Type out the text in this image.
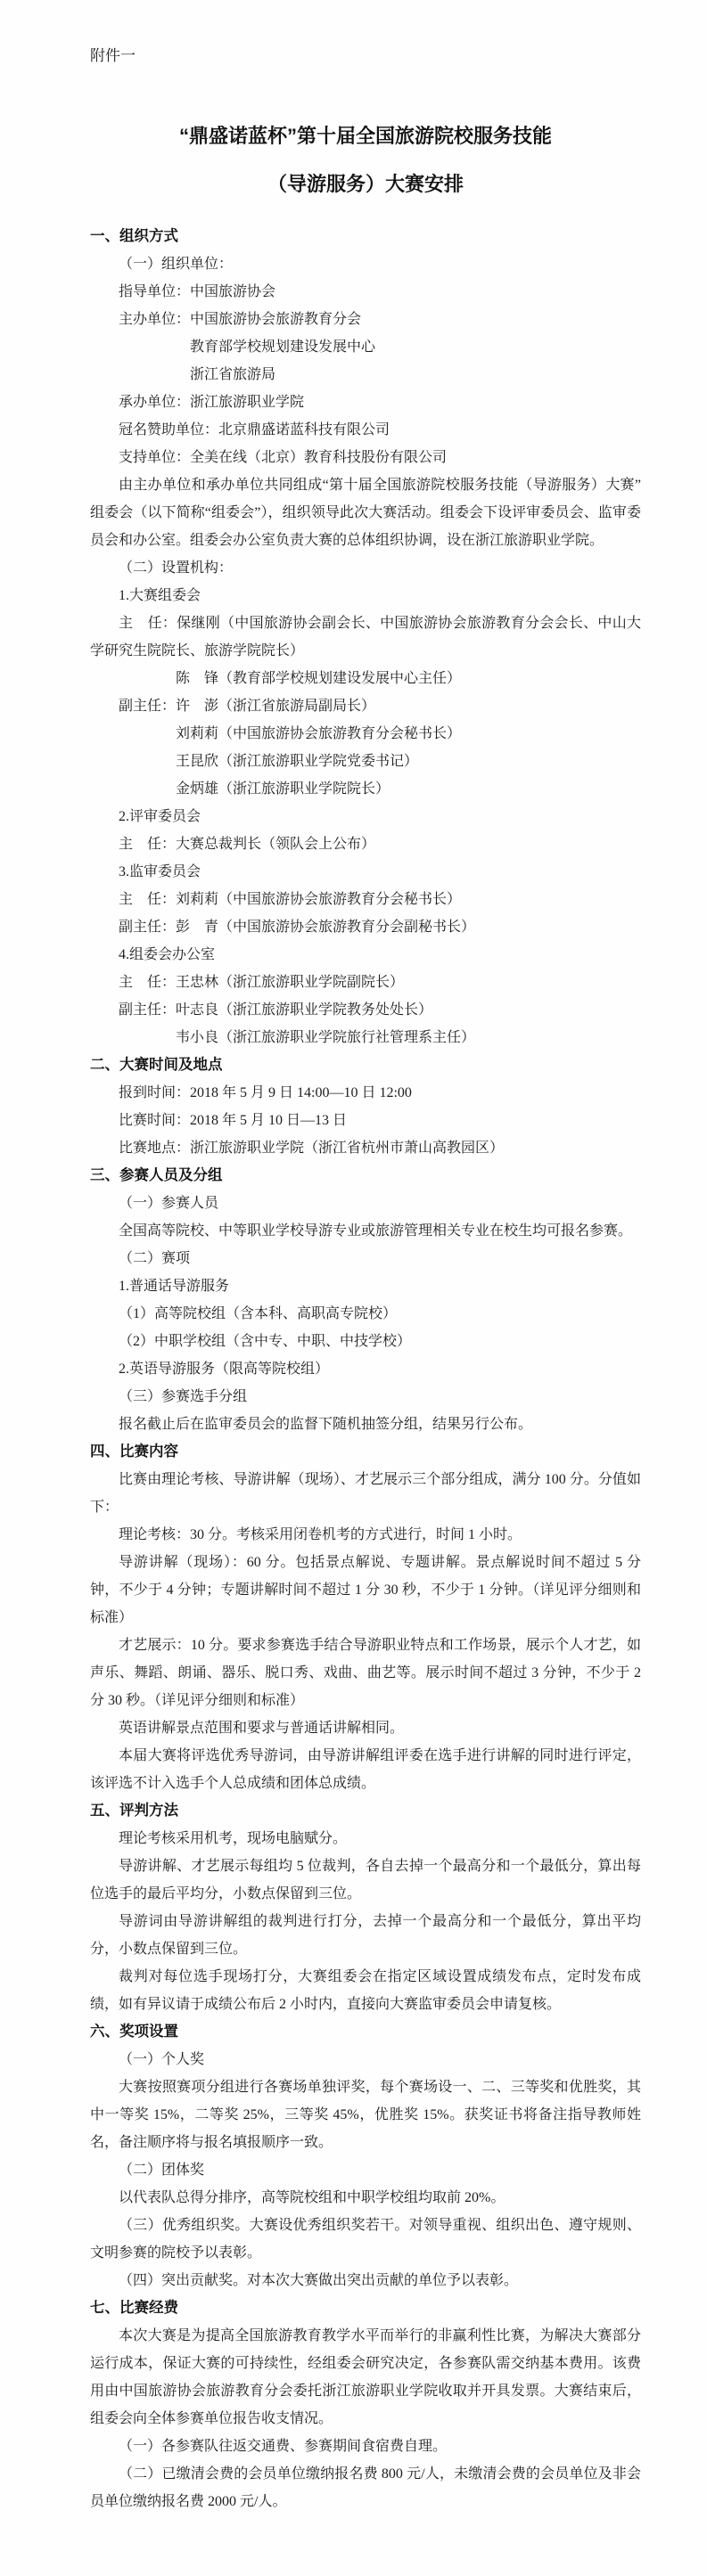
附件一
“鼎盛诺蓝杯”第十届全国旅游院校服务技能
（导游服务）大赛安排
一、组织方式

（一）组织单位：

指导单位：中国旅游协会

主办单位：中国旅游协会旅游教育分会

教育部学校规划建设发展中心

浙江省旅游局

承办单位：浙江旅游职业学院

冠名赞助单位：北京鼎盛诺蓝科技有限公司

支持单位：全美在线（北京）教育科技股份有限公司

由主办单位和承办单位共同组成“第十届全国旅游院校服务技能（导游服务）大赛”组委会（以下简称“组委会”），组织领导此次大赛活动。组委会下设评审委员会、监审委员会和办公室。组委会办公室负责大赛的总体组织协调，设在浙江旅游职业学院。

（二）设置机构：

1.大赛组委会

主　任：保继刚（中国旅游协会副会长、中国旅游协会旅游教育分会会长、中山大学研究生院院长、旅游学院院长）

陈　锋（教育部学校规划建设发展中心主任）

副主任：许　澎（浙江省旅游局副局长）

刘莉莉（中国旅游协会旅游教育分会秘书长）

王昆欣（浙江旅游职业学院党委书记）

金炳雄（浙江旅游职业学院院长）

2.评审委员会

主　任：大赛总裁判长（领队会上公布）

3.监审委员会

主　任：刘莉莉（中国旅游协会旅游教育分会秘书长）

副主任：彭　青（中国旅游协会旅游教育分会副秘书长）

4.组委会办公室

主　任：王忠林（浙江旅游职业学院副院长）

副主任：叶志良（浙江旅游职业学院教务处处长）

韦小良（浙江旅游职业学院旅行社管理系主任）

二、大赛时间及地点

报到时间：2018 年 5 月 9 日 14:00—10 日 12:00

比赛时间：2018 年 5 月 10 日—13 日

比赛地点：浙江旅游职业学院（浙江省杭州市萧山高教园区）

三、参赛人员及分组

（一）参赛人员

全国高等院校、中等职业学校导游专业或旅游管理相关专业在校生均可报名参赛。

（二）赛项

1.普通话导游服务

（1）高等院校组（含本科、高职高专院校）

（2）中职学校组（含中专、中职、中技学校）

2.英语导游服务（限高等院校组）

（三）参赛选手分组

报名截止后在监审委员会的监督下随机抽签分组，结果另行公布。

四、比赛内容

比赛由理论考核、导游讲解（现场）、才艺展示三个部分组成，满分 100 分。分值如下：

理论考核：30 分。考核采用闭卷机考的方式进行，时间 1 小时。

导游讲解（现场）：60 分。包括景点解说、专题讲解。景点解说时间不超过 5 分钟，不少于 4 分钟；专题讲解时间不超过 1 分 30 秒，不少于 1 分钟。（详见评分细则和标准）

才艺展示：10 分。要求参赛选手结合导游职业特点和工作场景，展示个人才艺，如声乐、舞蹈、朗诵、器乐、脱口秀、戏曲、曲艺等。展示时间不超过 3 分钟，不少于 2 分 30 秒。（详见评分细则和标准）

英语讲解景点范围和要求与普通话讲解相同。

本届大赛将评选优秀导游词，由导游讲解组评委在选手进行讲解的同时进行评定，该评选不计入选手个人总成绩和团体总成绩。

五、评判方法

理论考核采用机考，现场电脑赋分。

导游讲解、才艺展示每组均 5 位裁判，各自去掉一个最高分和一个最低分，算出每位选手的最后平均分，小数点保留到三位。

导游词由导游讲解组的裁判进行打分，去掉一个最高分和一个最低分，算出平均分，小数点保留到三位。

裁判对每位选手现场打分，大赛组委会在指定区域设置成绩发布点，定时发布成绩，如有异议请于成绩公布后 2 小时内，直接向大赛监审委员会申请复核。

六、奖项设置

（一）个人奖

大赛按照赛项分组进行各赛场单独评奖，每个赛场设一、二、三等奖和优胜奖，其中一等奖 15%，二等奖 25%，三等奖 45%，优胜奖 15%。获奖证书将备注指导教师姓名，备注顺序将与报名填报顺序一致。

（二）团体奖

以代表队总得分排序，高等院校组和中职学校组均取前 20%。

（三）优秀组织奖。大赛设优秀组织奖若干。对领导重视、组织出色、遵守规则、文明参赛的院校予以表彰。

（四）突出贡献奖。对本次大赛做出突出贡献的单位予以表彰。

七、比赛经费

本次大赛是为提高全国旅游教育教学水平而举行的非赢利性比赛，为解决大赛部分运行成本，保证大赛的可持续性，经组委会研究决定，各参赛队需交纳基本费用。该费用由中国旅游协会旅游教育分会委托浙江旅游职业学院收取并开具发票。大赛结束后，组委会向全体参赛单位报告收支情况。

（一）各参赛队往返交通费、参赛期间食宿费自理。

（二）已缴清会费的会员单位缴纳报名费 800 元/人，未缴清会费的会员单位及非会员单位缴纳报名费 2000 元/人。
